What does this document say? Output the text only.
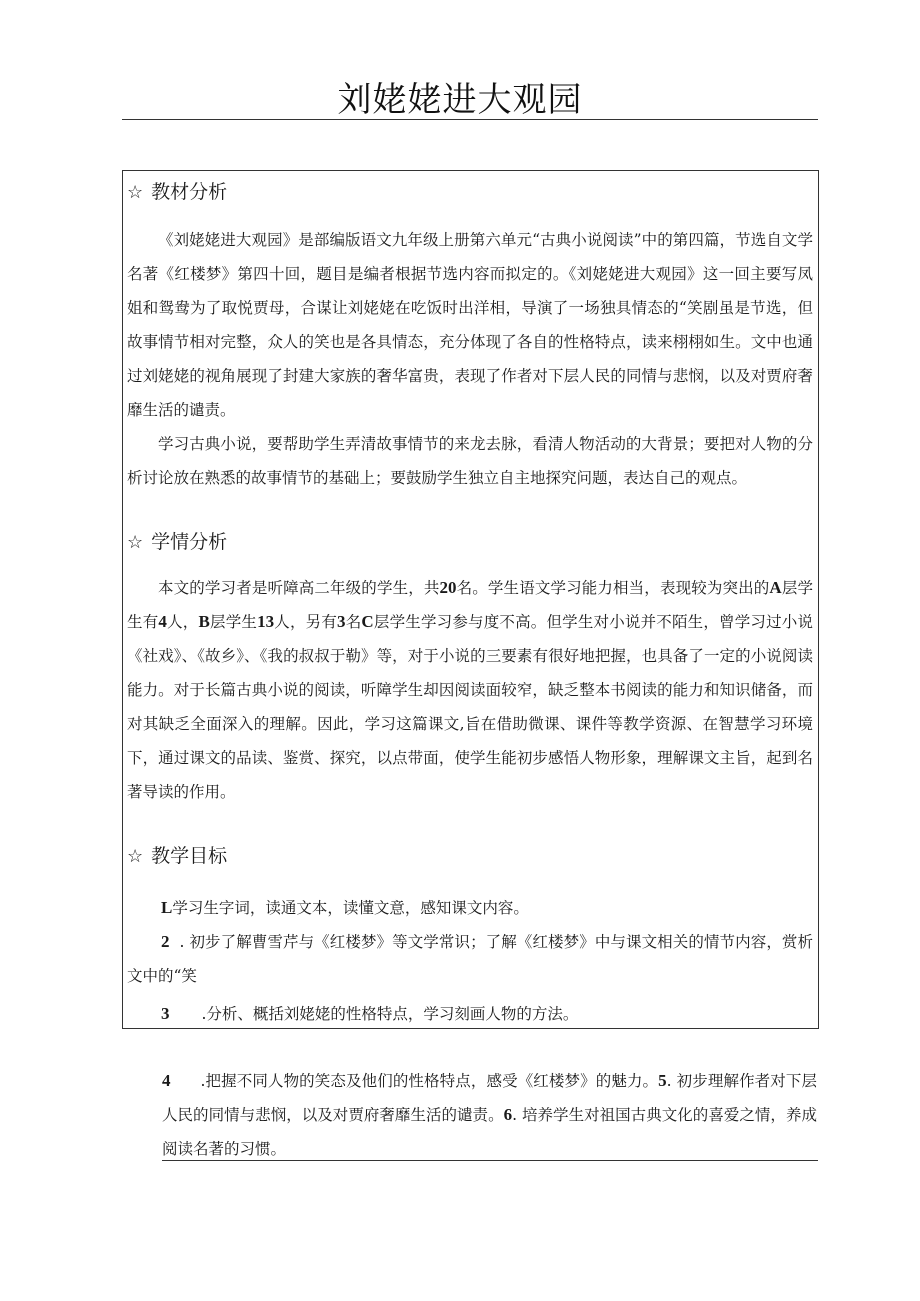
刘姥姥进大观园
☆ 教材分析

《刘姥姥进大观园》是部编版语文九年级上册第六单元“古典小说阅读”中的第四篇，节选自文学名著《红楼梦》第四十回，题目是编者根据节选内容而拟定的。《刘姥姥进大观园》这一回主要写凤姐和鸳鸯为了取悦贾母，合谋让刘姥姥在吃饭时出洋相，导演了一场独具情态的“笑剧虽是节选，但故事情节相对完整，众人的笑也是各具情态，充分体现了各自的性格特点，读来栩栩如生。文中也通过刘姥姥的视角展现了封建大家族的奢华富贵，表现了作者对下层人民的同情与悲悯，以及对贾府奢靡生活的谴责。

学习古典小说，要帮助学生弄清故事情节的来龙去脉，看清人物活动的大背景；要把对人物的分析讨论放在熟悉的故事情节的基础上；要鼓励学生独立自主地探究问题，表达自己的观点。

☆ 学情分析

本文的学习者是听障高二年级的学生，共20名。学生语文学习能力相当，表现较为突出的A层学生有4人，B层学生13人，另有3名C层学生学习参与度不高。但学生对小说并不陌生，曾学习过小说《社戏》、《故乡》、《我的叔叔于勒》等，对于小说的三要素有很好地把握，也具备了一定的小说阅读能力。对于长篇古典小说的阅读，听障学生却因阅读面较窄，缺乏整本书阅读的能力和知识储备，而对其缺乏全面深入的理解。因此，学习这篇课文,旨在借助微课、课件等教学资源、在智慧学习环境下，通过课文的品读、鉴赏、探究，以点带面，使学生能初步感悟人物形象，理解课文主旨，起到名著导读的作用。

☆ 教学目标
L学习生字词，读通文本，读懂文意，感知课文内容。
2 . 初步了解曹雪芹与《红楼梦》等文学常识；了解《红楼梦》中与课文相关的情节内容，赏析文中的“笑
3 .分析、概括刘姥姥的性格特点，学习刻画人物的方法。
4 .把握不同人物的笑态及他们的性格特点，感受《红楼梦》的魅力。5. 初步理解作者对下层人民的同情与悲悯，以及对贾府奢靡生活的谴责。6. 培养学生对祖国古典文化的喜爱之情，养成阅读名著的习惯。
